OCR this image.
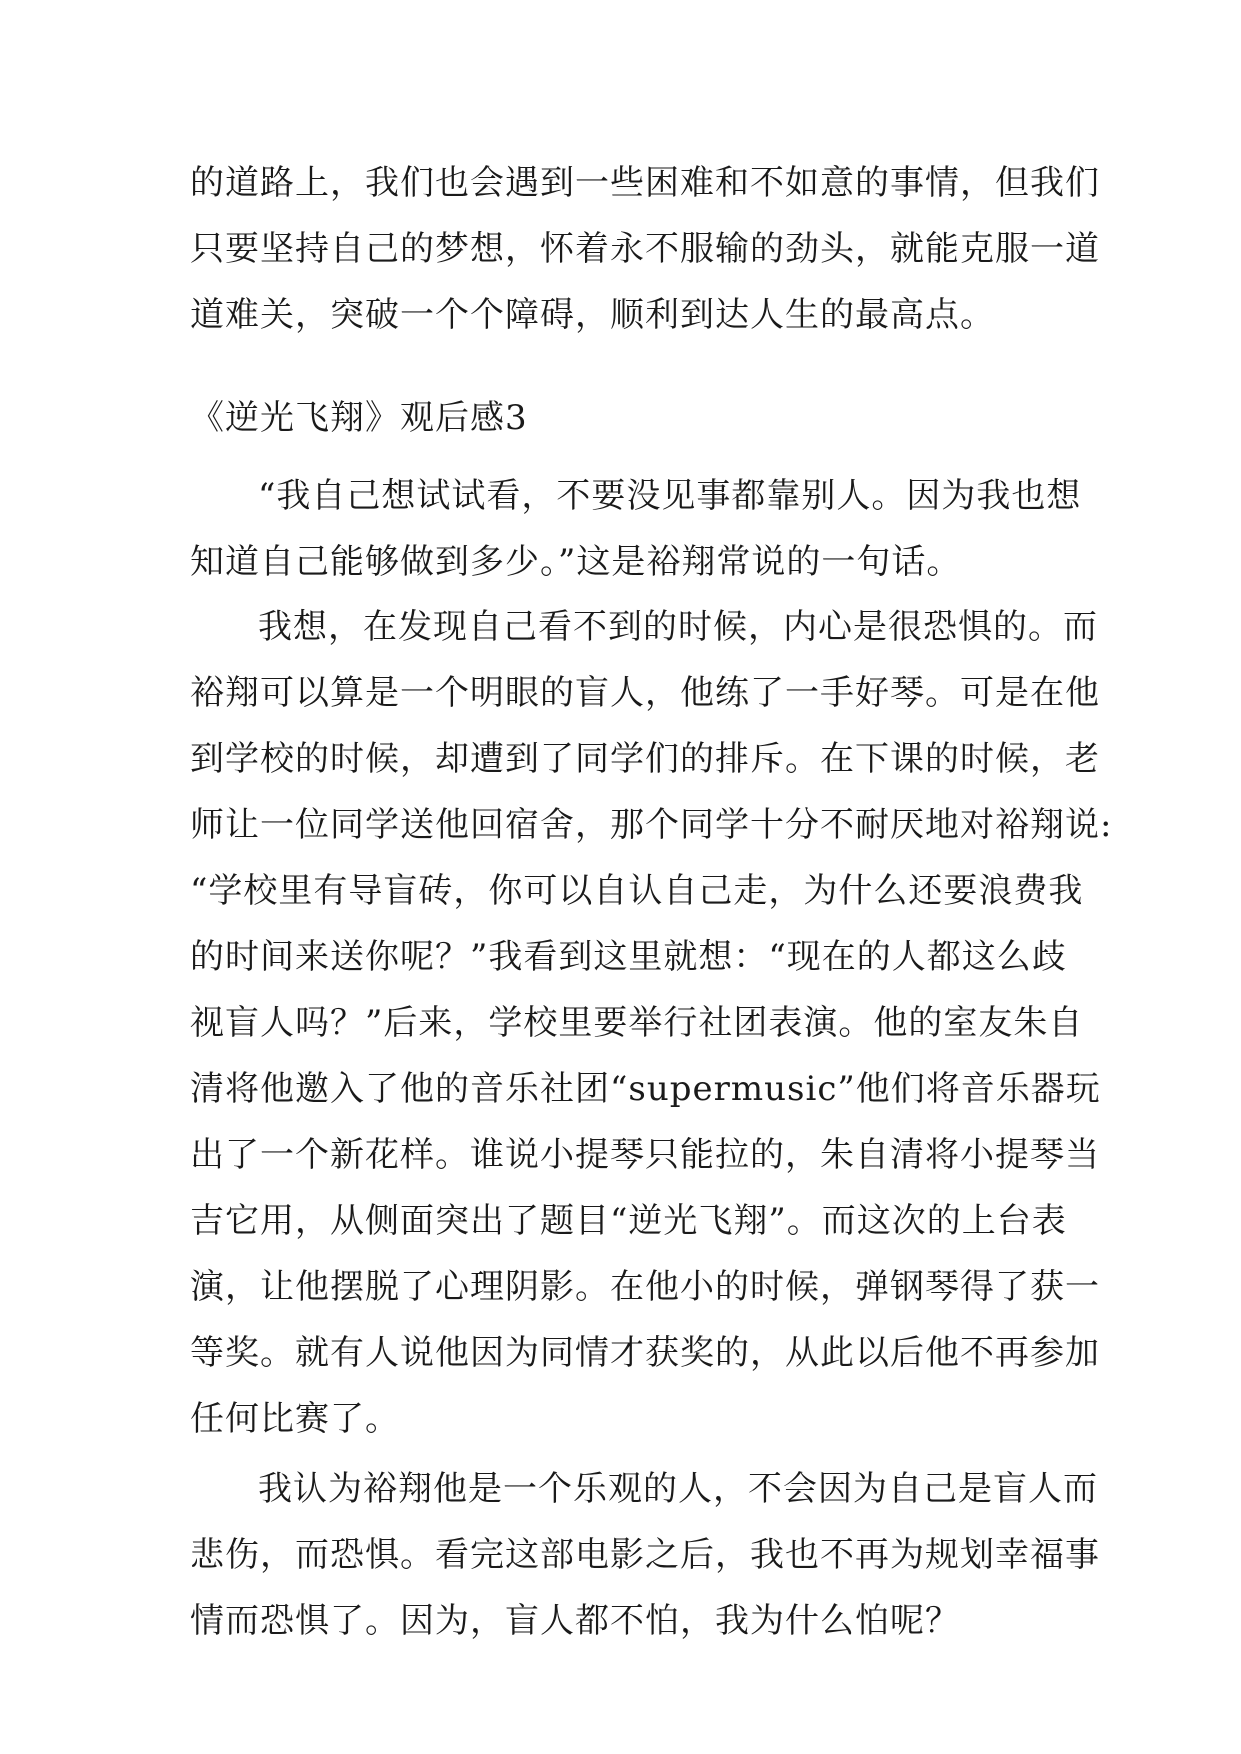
的道路上，我们也会遇到一些困难和不如意的事情，但我们
只要坚持自己的梦想，怀着永不服输的劲头，就能克服一道
道难关，突破一个个障碍，顺利到达人生的最高点。
《逆光飞翔》观后感3
“我自己想试试看，不要没见事都靠别人。因为我也想
知道自己能够做到多少。”这是裕翔常说的一句话。
我想，在发现自己看不到的时候，内心是很恐惧的。而
裕翔可以算是一个明眼的盲人，他练了一手好琴。可是在他
到学校的时候，却遭到了同学们的排斥。在下课的时候，老
师让一位同学送他回宿舍，那个同学十分不耐厌地对裕翔说:
“学校里有导盲砖，你可以自认自己走，为什么还要浪费我
的时间来送你呢？”我看到这里就想：“现在的人都这么歧
视盲人吗？”后来，学校里要举行社团表演。他的室友朱自
清将他邀入了他的音乐社团“supermusic”他们将音乐器玩
出了一个新花样。谁说小提琴只能拉的，朱自清将小提琴当
吉它用，从侧面突出了题目“逆光飞翔”。而这次的上台表
演，让他摆脱了心理阴影。在他小的时候，弹钢琴得了获一
等奖。就有人说他因为同情才获奖的，从此以后他不再参加
任何比赛了。
我认为裕翔他是一个乐观的人，不会因为自己是盲人而
悲伤，而恐惧。看完这部电影之后，我也不再为规划幸福事
情而恐惧了。因为，盲人都不怕，我为什么怕呢？
